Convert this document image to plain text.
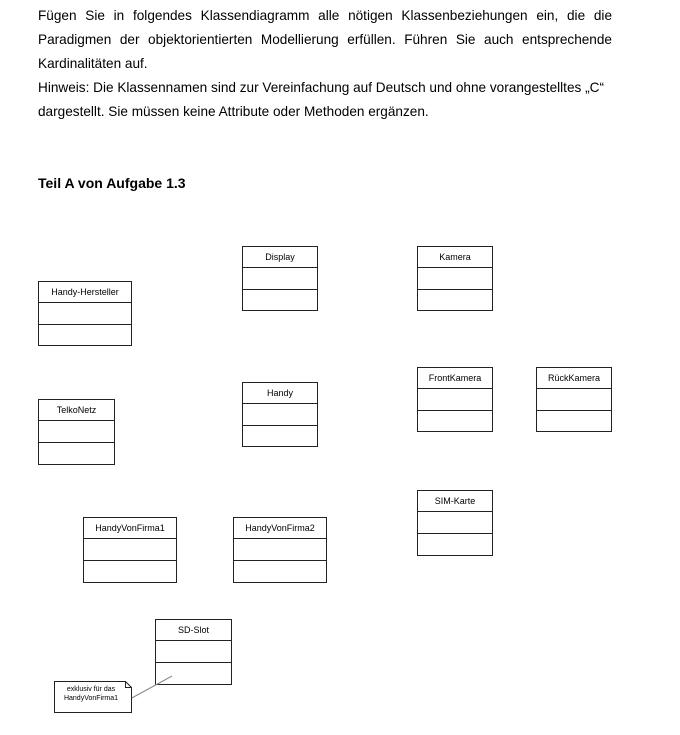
Fügen Sie in folgendes Klassendiagramm alle nötigen Klassenbeziehungen ein, die die Paradigmen der objektorientierten Modellierung erfüllen. Führen Sie auch entsprechende Kardinalitäten auf.

Hinweis: Die Klassennamen sind zur Vereinfachung auf Deutsch und ohne vorangestelltes „C“ dargestellt. Sie müssen keine Attribute oder Methoden ergänzen.

Teil A von Aufgabe 1.3
Display	Kamera
Handy-Hersteller
FrontKamera	RückKamera
Handy
TelkoNetz
SIM-Karte
HandyVonFirma1	HandyVonFirma2
SD-Slot
exklusiv für das
HandyVonFirma1
